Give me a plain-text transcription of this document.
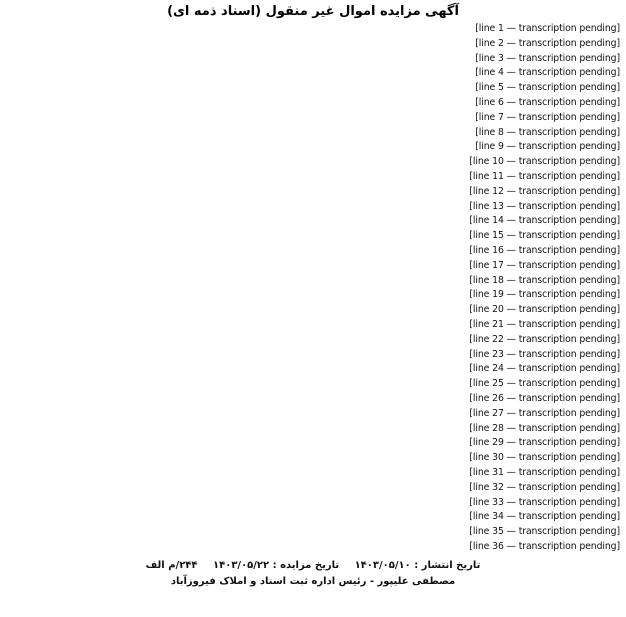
آگهی مزایده اموال غیر منقول (اسناد ذمه ای)
[line 1 — transcription pending]
[line 2 — transcription pending]
[line 3 — transcription pending]
[line 4 — transcription pending]
[line 5 — transcription pending]
[line 6 — transcription pending]
[line 7 — transcription pending]
[line 8 — transcription pending]
[line 9 — transcription pending]
[line 10 — transcription pending]
[line 11 — transcription pending]
[line 12 — transcription pending]
[line 13 — transcription pending]
[line 14 — transcription pending]
[line 15 — transcription pending]
[line 16 — transcription pending]
[line 17 — transcription pending]
[line 18 — transcription pending]
[line 19 — transcription pending]
[line 20 — transcription pending]
[line 21 — transcription pending]
[line 22 — transcription pending]
[line 23 — transcription pending]
[line 24 — transcription pending]
[line 25 — transcription pending]
[line 26 — transcription pending]
[line 27 — transcription pending]
[line 28 — transcription pending]
[line 29 — transcription pending]
[line 30 — transcription pending]
[line 31 — transcription pending]
[line 32 — transcription pending]
[line 33 — transcription pending]
[line 34 — transcription pending]
[line 35 — transcription pending]
[line 36 — transcription pending]
تاریخ انتشار : ۱۴۰۳/۰۵/۱۰ تاریخ مزایده : ۱۴۰۳/۰۵/۲۲ ۲۴۴/م الف
مصطفی علیپور - رئیس اداره ثبت اسناد و املاک فیروزآباد
